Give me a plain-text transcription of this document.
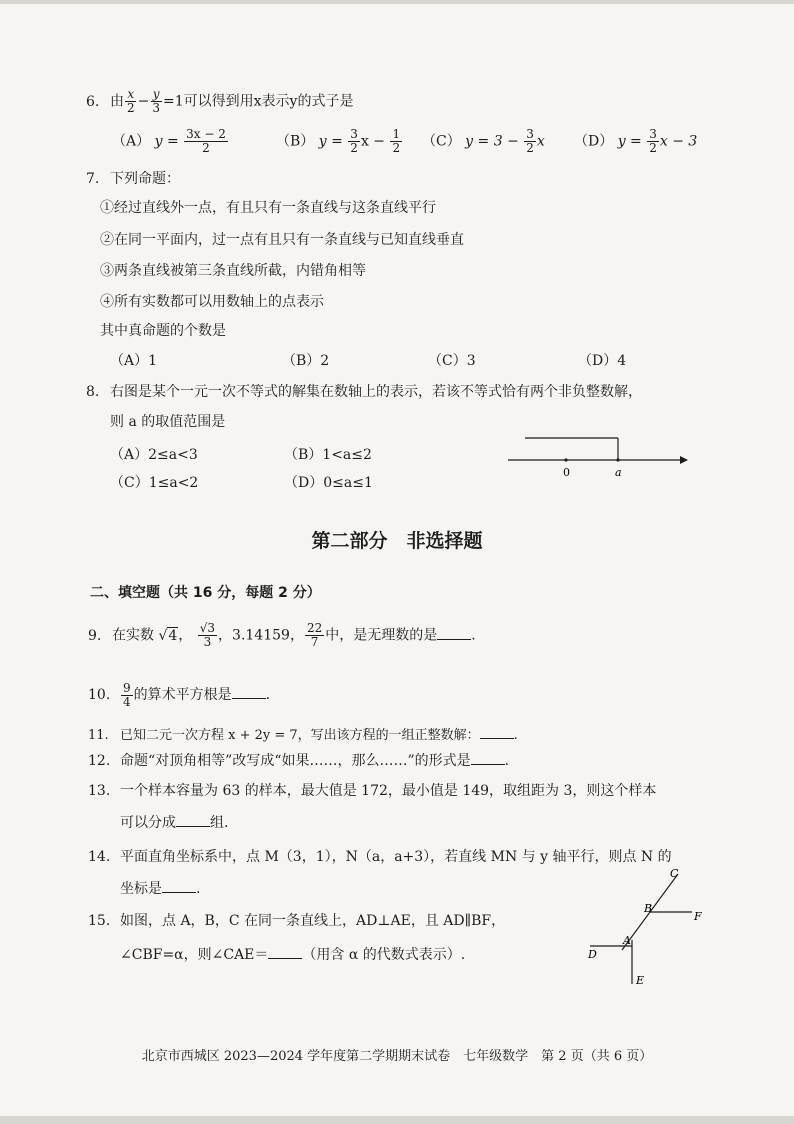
6. 由 $\frac{x}{2} - \frac{y}{3} =1$可以得到用x表示y的式子是
（A） $y = \frac{3x - 2}{2}$	（B） $y = \frac{3}{2}$ $x - \frac{1}{2} (C) y = 3 - \frac{3}{2}$ x （D） $y = \frac{3}{2}$ x − 3
7. 下列命题：
①经过直线外一点，有且只有一条直线与这条直线平行
②在同一平面内，过一点有且只有一条直线与已知直线垂直
③两条直线被第三条直线所截，内错角相等
④所有实数都可以用数轴上的点表示
其中真命题的个数是
（A）1	（B）2	（C）3	（D）4
8. 右图是某个一元一次不等式的解集在数轴上的表示，若该不等式恰有两个非负整数解，
则 a 的取值范围是
（A）2≤a<3	（B）1<a≤2
（C）1≤a<2	（D）0≤a≤1
0	a
第二部分　非选择题
二、填空题（共 16 分，每题 2 分）
9. 在实数 √4， $\frac{√3}{3}$ ，3.14159， $\frac{22}{7}$ 中，是无理数的是 .
10. $\frac{9}{4}$ 的算术平方根是 .
11. 已知二元一次方程 x + 2y = 7，写出该方程的一组正整数解：	.
12. 命题“对顶角相等”改写成“如果……，那么……”的形式是 .
13. 一个样本容量为 63 的样本，最大值是 172，最小值是 149，取组距为 3，则这个样本
可以分成 组.
14. 平面直角坐标系中，点 M（3，1），N（a，a+3），若直线 MN 与 y 轴平行，则点 N 的
坐标是 .
15. 如图，点 A，B，C 在同一条直线上，AD⊥AE，且 AD∥BF，
∠CBF=α，则∠CAE＝ （用含 α 的代数式表示）.
C
B
F
A
D
E
北京市西城区 2023—2024 学年度第二学期期末试卷　七年级数学　第 2 页（共 6 页）
